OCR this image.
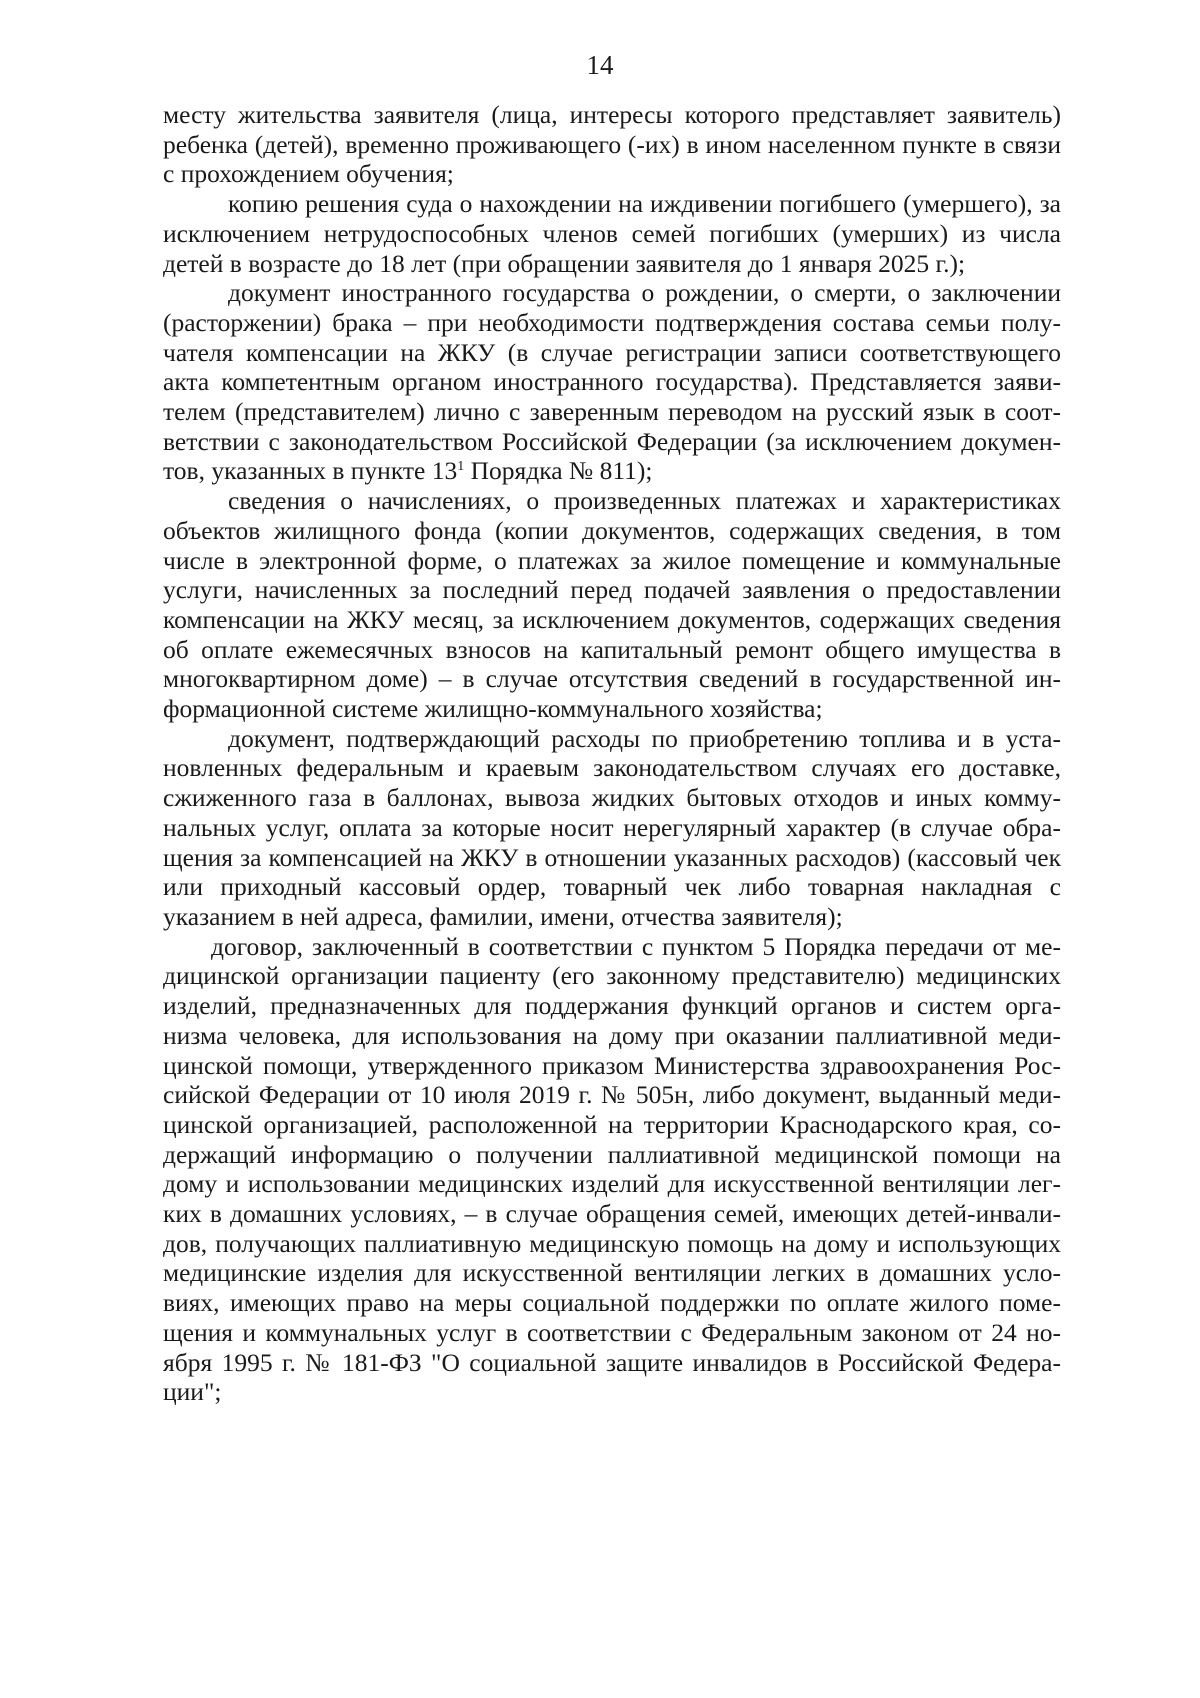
14

месту жительства заявителя (лица, интересы которого представляет заявитель) ребенка (детей), временно проживающего (-их) в ином населенном пункте в связи с прохождением обучения;

копию решения суда о нахождении на иждивении погибшего (умершего), за исключением нетрудоспособных членов семей погибших (умерших) из числа детей в возрасте до 18 лет (при обращении заявителя до 1 января 2025 г.);

документ иностранного государства о рождении, о смерти, о заключении (расторжении) брака – при необходимости подтверждения состава семьи получателя компенсации на ЖКУ (в случае регистрации записи соответствующего акта компетентным органом иностранного государства). Представляется заявителем (представителем) лично с заверенным переводом на русский язык в соответствии с законодательством Российской Федерации (за исключением документов, указанных в пункте $13^1$ Порядка № 811);

сведения о начислениях, о произведенных платежах и характеристиках объектов жилищного фонда (копии документов, содержащих сведения, в том числе в электронной форме, о платежах за жилое помещение и коммунальные услуги, начисленных за последний перед подачей заявления о предоставлении компенсации на ЖКУ месяц, за исключением документов, содержащих сведения об оплате ежемесячных взносов на капитальный ремонт общего имущества в многоквартирном доме) – в случае отсутствия сведений в государственной информационной системе жилищно-коммунального хозяйства;

документ, подтверждающий расходы по приобретению топлива и в установленных федеральным и краевым законодательством случаях его доставке, сжиженного газа в баллонах, вывоза жидких бытовых отходов и иных коммунальных услуг, оплата за которые носит нерегулярный характер (в случае обращения за компенсацией на ЖКУ в отношении указанных расходов) (кассовый чек или приходный кассовый ордер, товарный чек либо товарная накладная с указанием в ней адреса, фамилии, имени, отчества заявителя);

договор, заключенный в соответствии с пунктом 5 Порядка передачи от медицинской организации пациенту (его законному представителю) медицинских изделий, предназначенных для поддержания функций органов и систем организма человека, для использования на дому при оказании паллиативной медицинской помощи, утвержденного приказом Министерства здравоохранения Российской Федерации от 10 июля 2019 г. № 505н, либо документ, выданный медицинской организацией, расположенной на территории Краснодарского края, содержащий информацию о получении паллиативной медицинской помощи на дому и использовании медицинских изделий для искусственной вентиляции легких в домашних условиях, – в случае обращения семей, имеющих детей-инвалидов, получающих паллиативную медицинскую помощь на дому и использующих медицинские изделия для искусственной вентиляции легких в домашних условиях, имеющих право на меры социальной поддержки по оплате жилого помещения и коммунальных услуг в соответствии с Федеральным законом от 24 ноября 1995 г. № 181-ФЗ "О социальной защите инвалидов в Российской Федерации";
